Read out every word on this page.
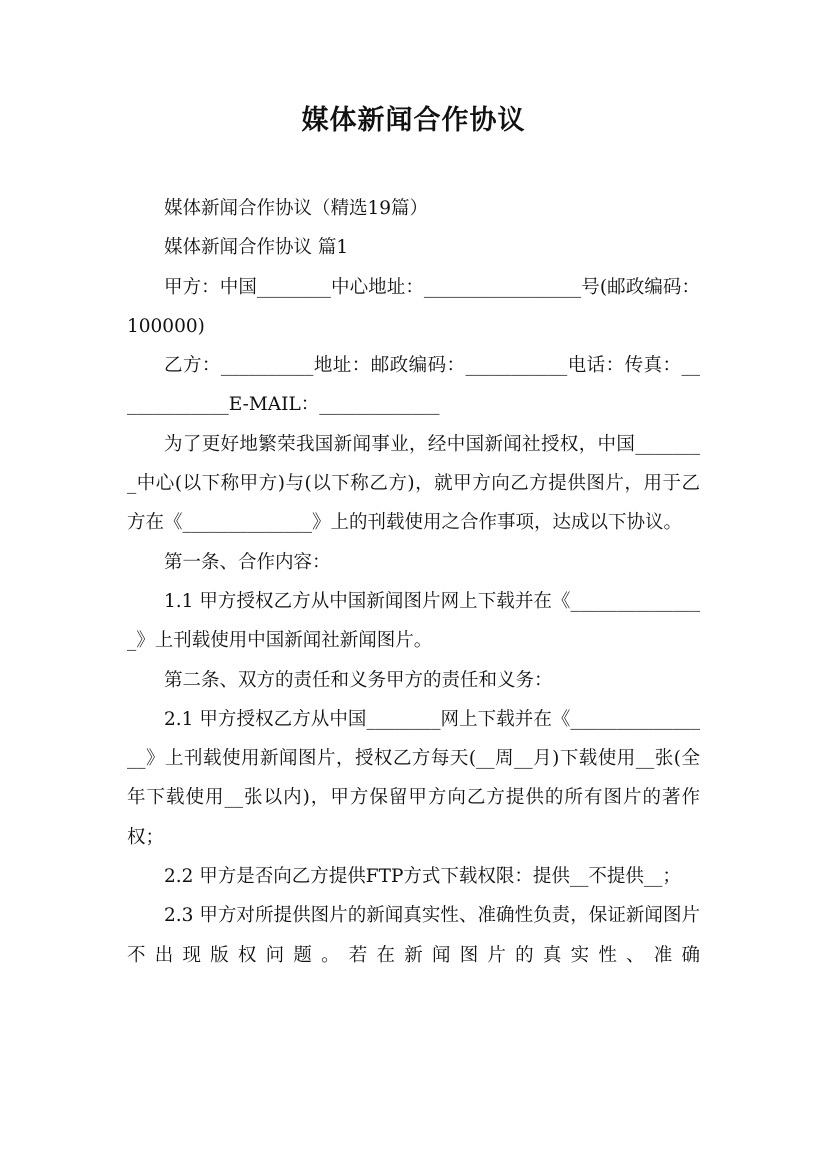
媒体新闻合作协议

媒体新闻合作协议（精选19篇）

媒体新闻合作协议 篇1

甲方：中国________中心地址：_________________号(邮政编码：100000)

乙方：__________地址：邮政编码：___________电话：传真：_____________E-MAIL：_____________

为了更好地繁荣我国新闻事业，经中国新闻社授权，中国________中心(以下称甲方)与(以下称乙方)，就甲方向乙方提供图片，用于乙方在《______________》上的刊载使用之合作事项，达成以下协议。

第一条、合作内容：

1.1 甲方授权乙方从中国新闻图片网上下载并在《_______________》上刊载使用中国新闻社新闻图片。

第二条、双方的责任和义务甲方的责任和义务：

2.1 甲方授权乙方从中国________网上下载并在《________________》上刊载使用新闻图片，授权乙方每天(__周__月)下载使用__张(全年下载使用__张以内)，甲方保留甲方向乙方提供的所有图片的著作权；

2.2 甲方是否向乙方提供FTP方式下载权限：提供__不提供__；

2.3 甲方对所提供图片的新闻真实性、准确性负责，保证新闻图片不出现版权问题。若在新闻图片的真实性、准确
